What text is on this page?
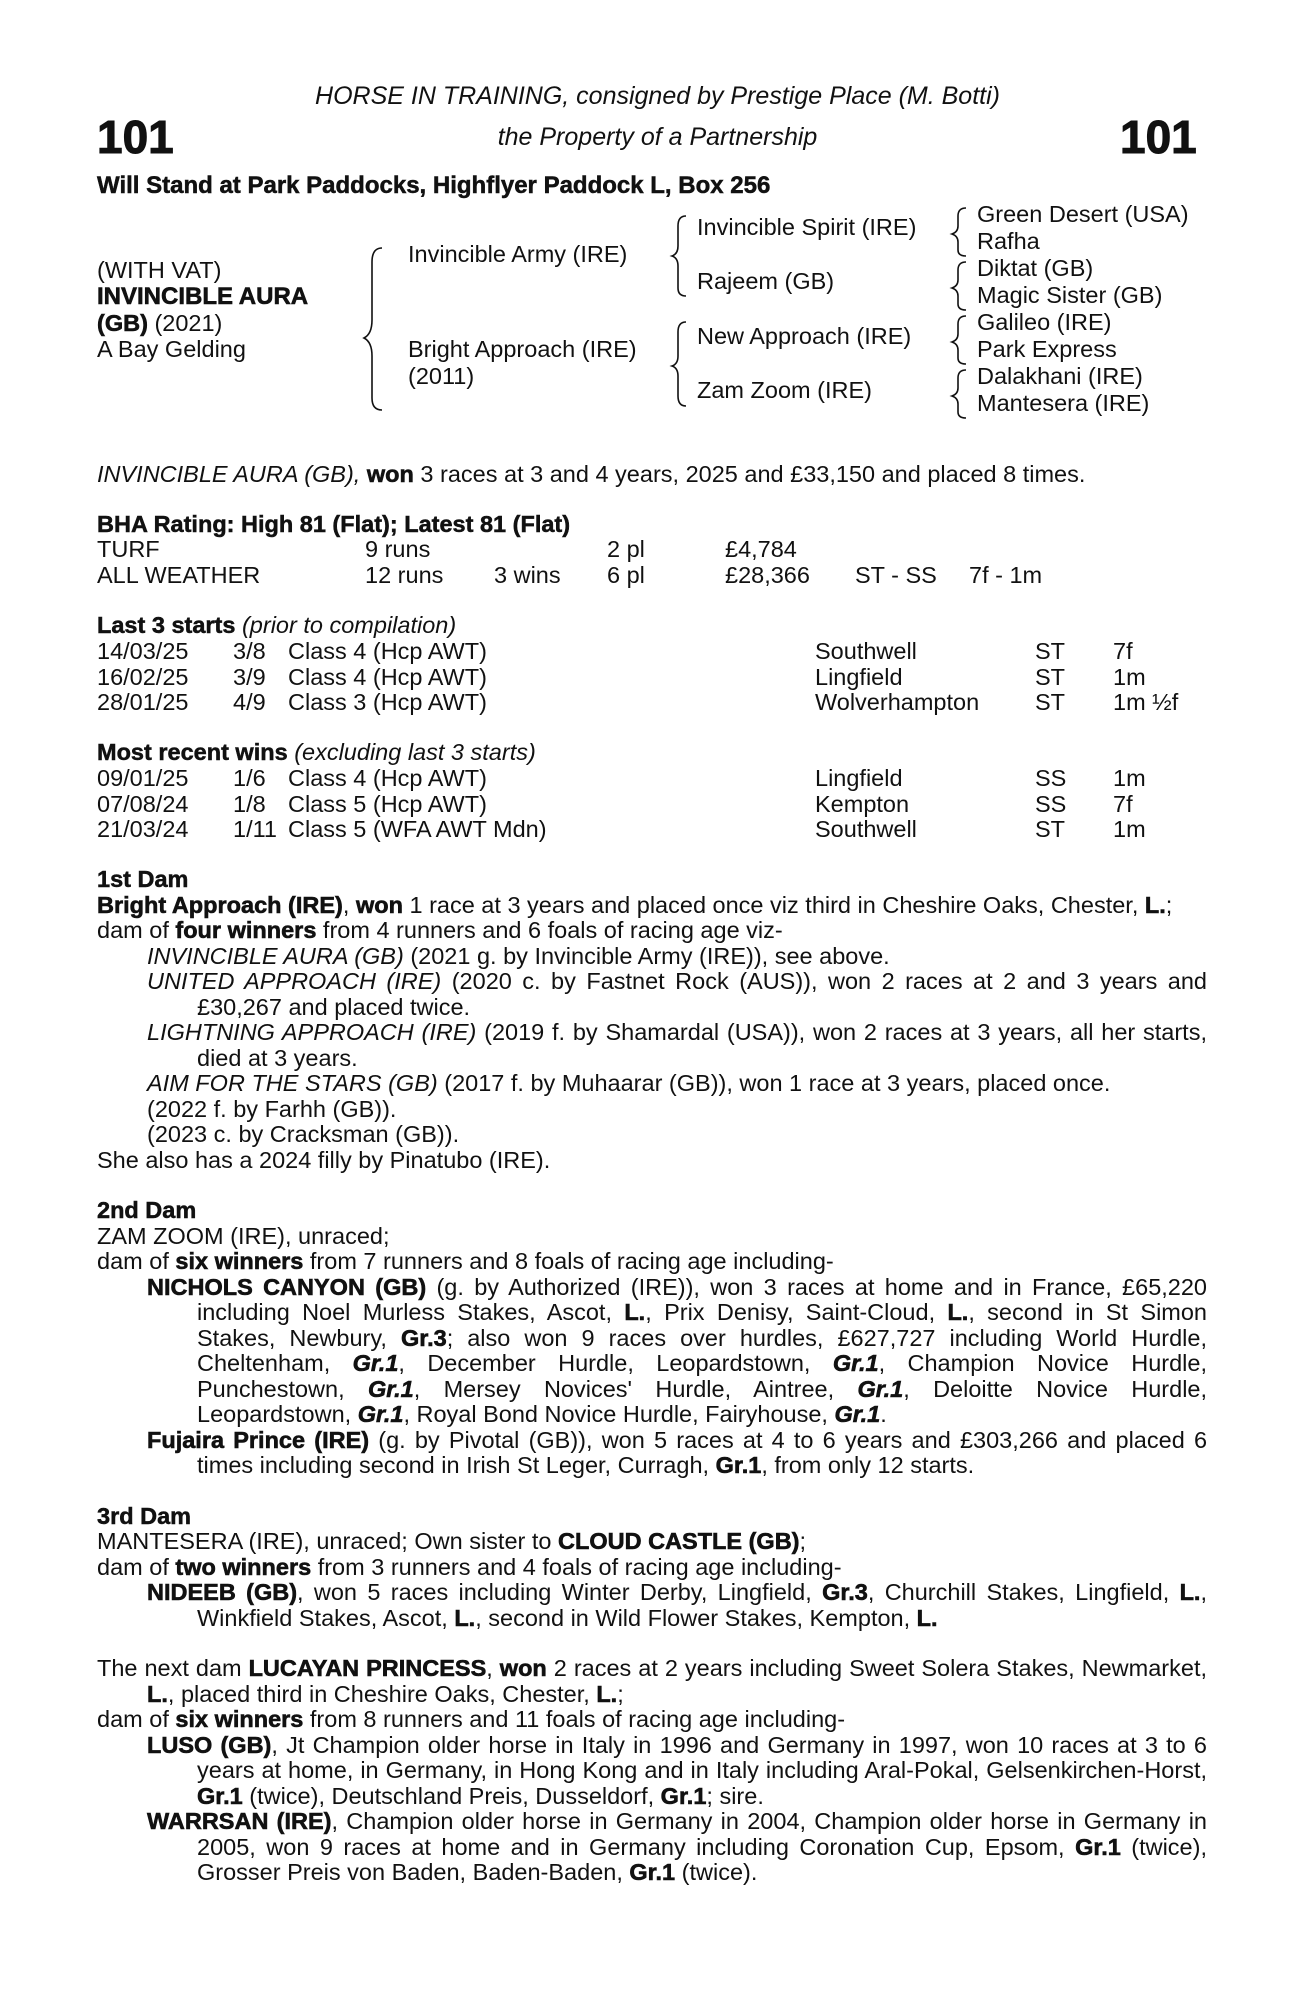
101	101
HORSE IN TRAINING, consigned by Prestige Place (M. Botti)
the Property of a Partnership
Will Stand at Park Paddocks, Highflyer Paddock L, Box 256
(WITH VAT)
INVINCIBLE AURA
(GB) (2021)
A Bay Gelding
Invincible Army (IRE)
Bright Approach (IRE)
(2011)
Invincible Spirit (IRE)
Rajeem (GB)
New Approach (IRE)
Zam Zoom (IRE)
Green Desert (USA)
Rafha
Diktat (GB)
Magic Sister (GB)
Galileo (IRE)
Park Express
Dalakhani (IRE)
Mantesera (IRE)
INVINCIBLE AURA (GB), won 3 races at 3 and 4 years, 2025 and £33,150 and placed 8 times.
BHA Rating: High 81 (Flat); Latest 81 (Flat)
TURF	9 runs	2 pl	£4,784
ALL WEATHER	12 runs 3 wins 6 pl	£28,366 ST - SS 7f - 1m
Last 3 starts (prior to compilation)
14/03/25 3/8 Class 4 (Hcp AWT)	Southwell	ST 7f
16/02/25 3/9 Class 4 (Hcp AWT)	Lingfield	ST 1m
28/01/25 4/9 Class 3 (Hcp AWT)	Wolverhampton ST 1m ½f
Most recent wins (excluding last 3 starts)
09/01/25 1/6 Class 4 (Hcp AWT)	Lingfield	SS 1m
07/08/24 1/8 Class 5 (Hcp AWT)	Kempton	SS 7f
21/03/24 1/11 Class 5 (WFA AWT Mdn)	Southwell	ST 1m

1st Dam

Bright Approach (IRE), won 1 race at 3 years and placed once viz third in Cheshire Oaks, Chester, L.;

dam of four winners from 4 runners and 6 foals of racing age viz-

INVINCIBLE AURA (GB) (2021 g. by Invincible Army (IRE)), see above.

UNITED APPROACH (IRE) (2020 c. by Fastnet Rock (AUS)), won 2 races at 2 and 3 years and £30,267 and placed twice.

LIGHTNING APPROACH (IRE) (2019 f. by Shamardal (USA)), won 2 races at 3 years, all her starts, died at 3 years.

AIM FOR THE STARS (GB) (2017 f. by Muhaarar (GB)), won 1 race at 3 years, placed once.

(2022 f. by Farhh (GB)).

(2023 c. by Cracksman (GB)).

She also has a 2024 filly by Pinatubo (IRE).

2nd Dam

ZAM ZOOM (IRE), unraced;

dam of six winners from 7 runners and 8 foals of racing age including-

NICHOLS CANYON (GB) (g. by Authorized (IRE)), won 3 races at home and in France, £65,220 including Noel Murless Stakes, Ascot, L., Prix Denisy, Saint-Cloud, L., second in St Simon Stakes, Newbury, Gr.3; also won 9 races over hurdles, £627,727 including World Hurdle, Cheltenham, Gr.1, December Hurdle, Leopardstown, Gr.1, Champion Novice Hurdle, Punchestown, Gr.1, Mersey Novices' Hurdle, Aintree, Gr.1, Deloitte Novice Hurdle, Leopardstown, Gr.1, Royal Bond Novice Hurdle, Fairyhouse, Gr.1.

Fujaira Prince (IRE) (g. by Pivotal (GB)), won 5 races at 4 to 6 years and £303,266 and placed 6 times including second in Irish St Leger, Curragh, Gr.1, from only 12 starts.

3rd Dam

MANTESERA (IRE), unraced; Own sister to CLOUD CASTLE (GB);

dam of two winners from 3 runners and 4 foals of racing age including-

NIDEEB (GB), won 5 races including Winter Derby, Lingfield, Gr.3, Churchill Stakes, Lingfield, L., Winkfield Stakes, Ascot, L., second in Wild Flower Stakes, Kempton, L.

The next dam LUCAYAN PRINCESS, won 2 races at 2 years including Sweet Solera Stakes, Newmarket, L., placed third in Cheshire Oaks, Chester, L.;

dam of six winners from 8 runners and 11 foals of racing age including-

LUSO (GB), Jt Champion older horse in Italy in 1996 and Germany in 1997, won 10 races at 3 to 6 years at home, in Germany, in Hong Kong and in Italy including Aral-Pokal, Gelsenkirchen-Horst, Gr.1 (twice), Deutschland Preis, Dusseldorf, Gr.1; sire.

WARRSAN (IRE), Champion older horse in Germany in 2004, Champion older horse in Germany in 2005, won 9 races at home and in Germany including Coronation Cup, Epsom, Gr.1 (twice), Grosser Preis von Baden, Baden-Baden, Gr.1 (twice).
